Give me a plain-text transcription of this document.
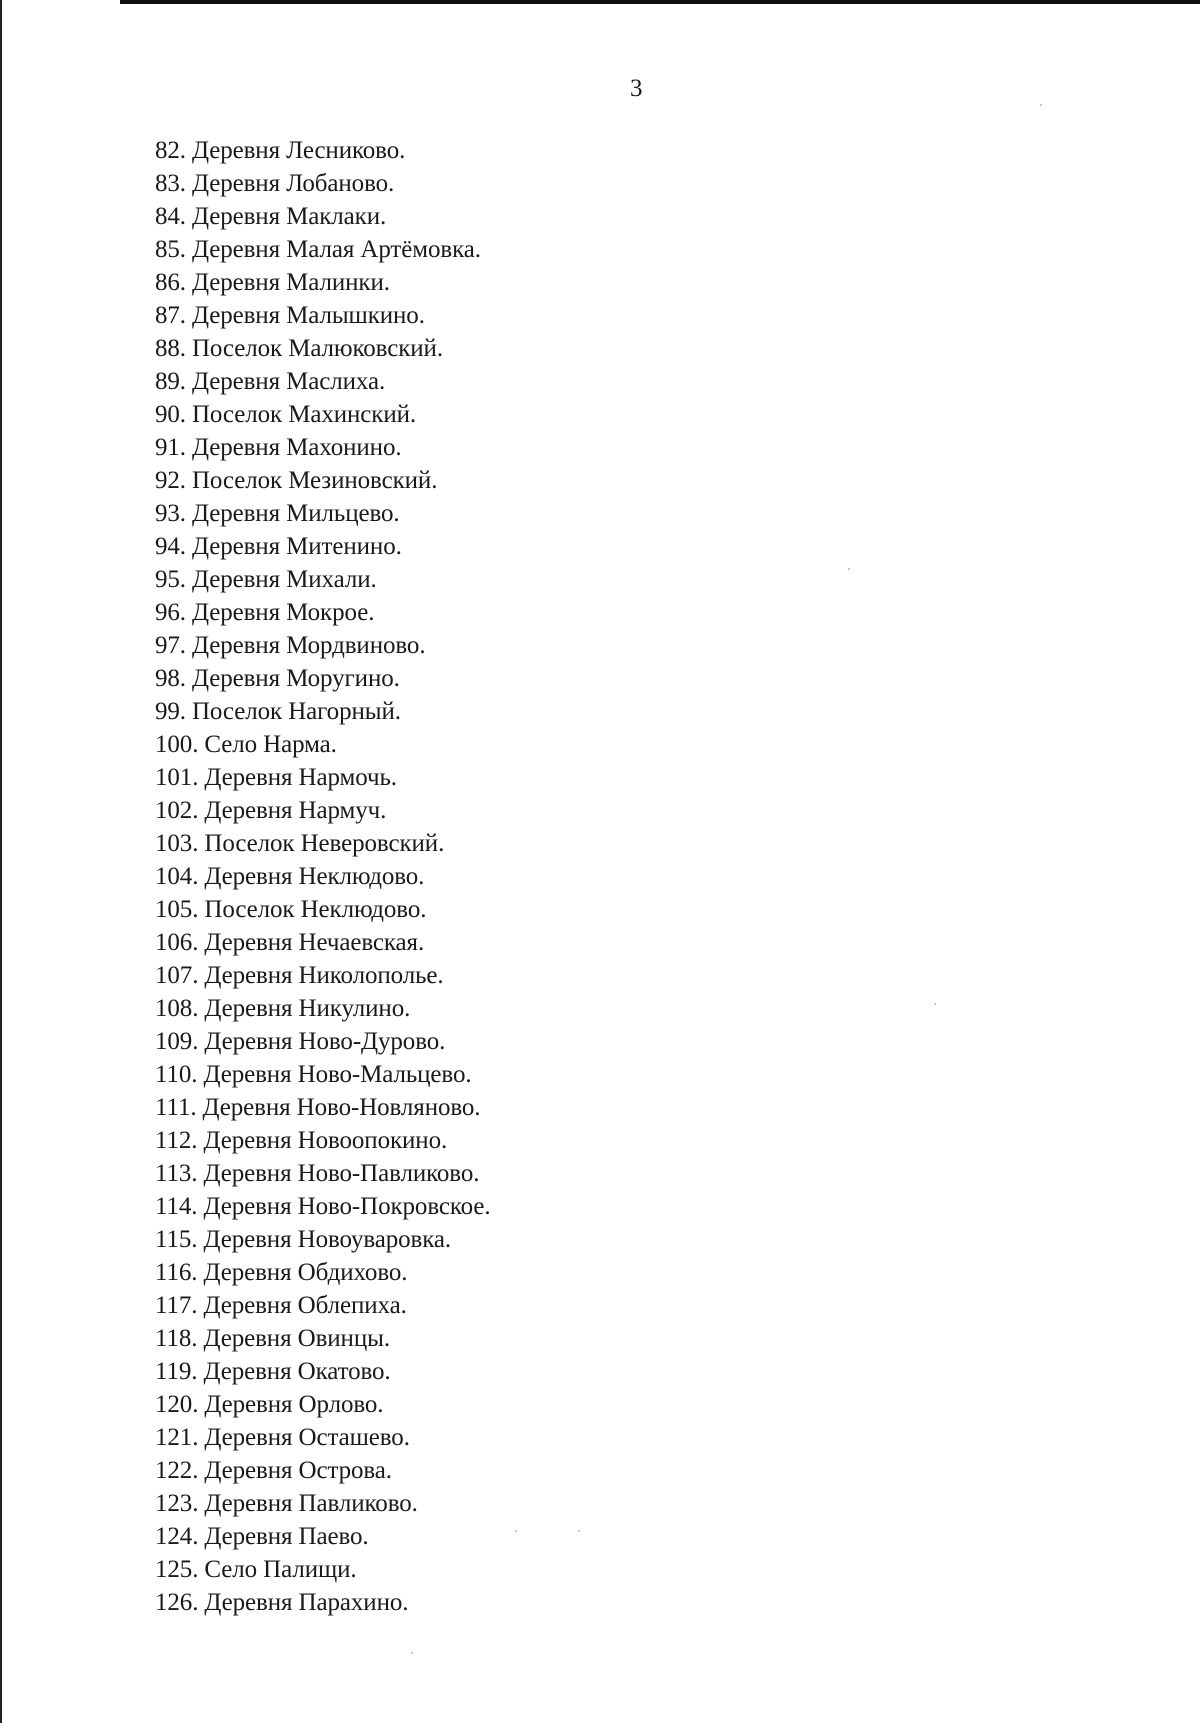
3
82. Деревня Лесниково.
83. Деревня Лобаново.
84. Деревня Маклаки.
85. Деревня Малая Артёмовка.
86. Деревня Малинки.
87. Деревня Малышкино.
88. Поселок Малюковский.
89. Деревня Маслиха.
90. Поселок Махинский.
91. Деревня Махонино.
92. Поселок Мезиновский.
93. Деревня Мильцево.
94. Деревня Митенино.
95. Деревня Михали.
96. Деревня Мокрое.
97. Деревня Мордвиново.
98. Деревня Моругино.
99. Поселок Нагорный.
100. Село Нарма.
101. Деревня Нармочь.
102. Деревня Нармуч.
103. Поселок Неверовский.
104. Деревня Неклюдово.
105. Поселок Неклюдово.
106. Деревня Нечаевская.
107. Деревня Николополье.
108. Деревня Никулино.
109. Деревня Ново-Дурово.
110. Деревня Ново-Мальцево.
111. Деревня Ново-Новляново.
112. Деревня Новоопокино.
113. Деревня Ново-Павликово.
114. Деревня Ново-Покровское.
115. Деревня Новоуваровка.
116. Деревня Обдихово.
117. Деревня Облепиха.
118. Деревня Овинцы.
119. Деревня Окатово.
120. Деревня Орлово.
121. Деревня Осташево.
122. Деревня Острова.
123. Деревня Павликово.
124. Деревня Паево.
125. Село Палищи.
126. Деревня Парахино.
